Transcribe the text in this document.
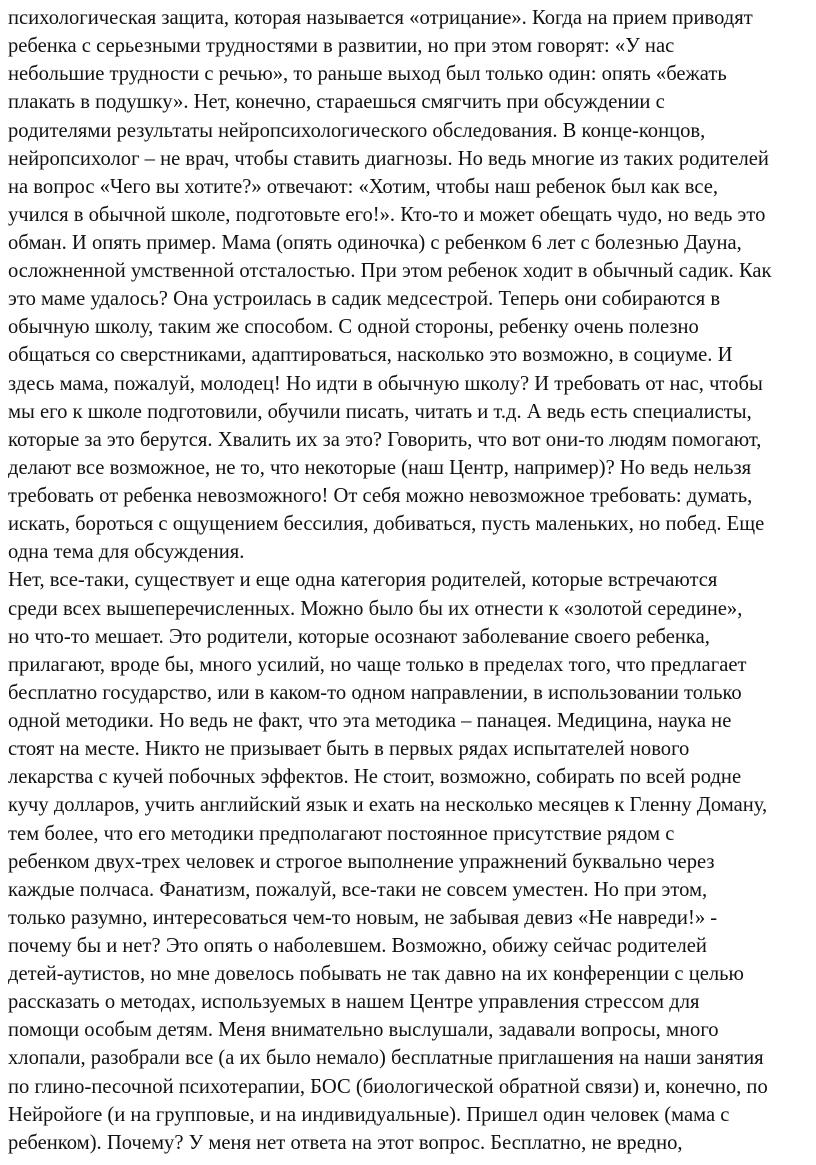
психологическая защита, которая называется «отрицание». Когда на прием приводят
ребенка с серьезными трудностями в развитии, но при этом говорят: «У нас
небольшие трудности с речью», то раньше выход был только один: опять «бежать
плакать в подушку». Нет, конечно, стараешься смягчить при обсуждении с
родителями результаты нейропсихологического обследования. В конце-концов,
нейропсихолог – не врач, чтобы ставить диагнозы. Но ведь многие из таких родителей
на вопрос «Чего вы хотите?» отвечают: «Хотим, чтобы наш ребенок был как все,
учился в обычной школе, подготовьте его!». Кто-то и может обещать чудо, но ведь это
обман. И опять пример. Мама (опять одиночка) с ребенком 6 лет с болезнью Дауна,
осложненной умственной отсталостью. При этом ребенок ходит в обычный садик. Как
это маме удалось? Она устроилась в садик медсестрой. Теперь они собираются в
обычную школу, таким же способом. С одной стороны, ребенку очень полезно
общаться со сверстниками, адаптироваться, насколько это возможно, в социуме. И
здесь мама, пожалуй, молодец! Но идти в обычную школу? И требовать от нас, чтобы
мы его к школе подготовили, обучили писать, читать и т.д. А ведь есть специалисты,
которые за это берутся. Хвалить их за это? Говорить, что вот они-то людям помогают,
делают все возможное, не то, что некоторые (наш Центр, например)? Но ведь нельзя
требовать от ребенка невозможного! От себя можно невозможное требовать: думать,
искать, бороться с ощущением бессилия, добиваться, пусть маленьких, но побед. Еще
одна тема для обсуждения.
Нет, все-таки, существует и еще одна категория родителей, которые встречаются
среди всех вышеперечисленных. Можно было бы их отнести к «золотой середине»,
но что-то мешает. Это родители, которые осознают заболевание своего ребенка,
прилагают, вроде бы, много усилий, но чаще только в пределах того, что предлагает
бесплатно государство, или в каком-то одном направлении, в использовании только
одной методики. Но ведь не факт, что эта методика – панацея. Медицина, наука не
стоят на месте. Никто не призывает быть в первых рядах испытателей нового
лекарства с кучей побочных эффектов. Не стоит, возможно, собирать по всей родне
кучу долларов, учить английский язык и ехать на несколько месяцев к Гленну Доману,
тем более, что его методики предполагают постоянное присутствие рядом с
ребенком двух-трех человек и строгое выполнение упражнений буквально через
каждые полчаса. Фанатизм, пожалуй, все-таки не совсем уместен. Но при этом,
только разумно, интересоваться чем-то новым, не забывая девиз «Не навреди!» -
почему бы и нет? Это опять о наболевшем. Возможно, обижу сейчас родителей
детей-аутистов, но мне довелось побывать не так давно на их конференции с целью
рассказать о методах, используемых в нашем Центре управления стрессом для
помощи особым детям. Меня внимательно выслушали, задавали вопросы, много
хлопали, разобрали все (а их было немало) бесплатные приглашения на наши занятия
по глино-песочной психотерапии, БОС (биологической обратной связи) и, конечно, по
Нейройоге (и на групповые, и на индивидуальные). Пришел один человек (мама с
ребенком). Почему? У меня нет ответа на этот вопрос. Бесплатно, не вредно,
